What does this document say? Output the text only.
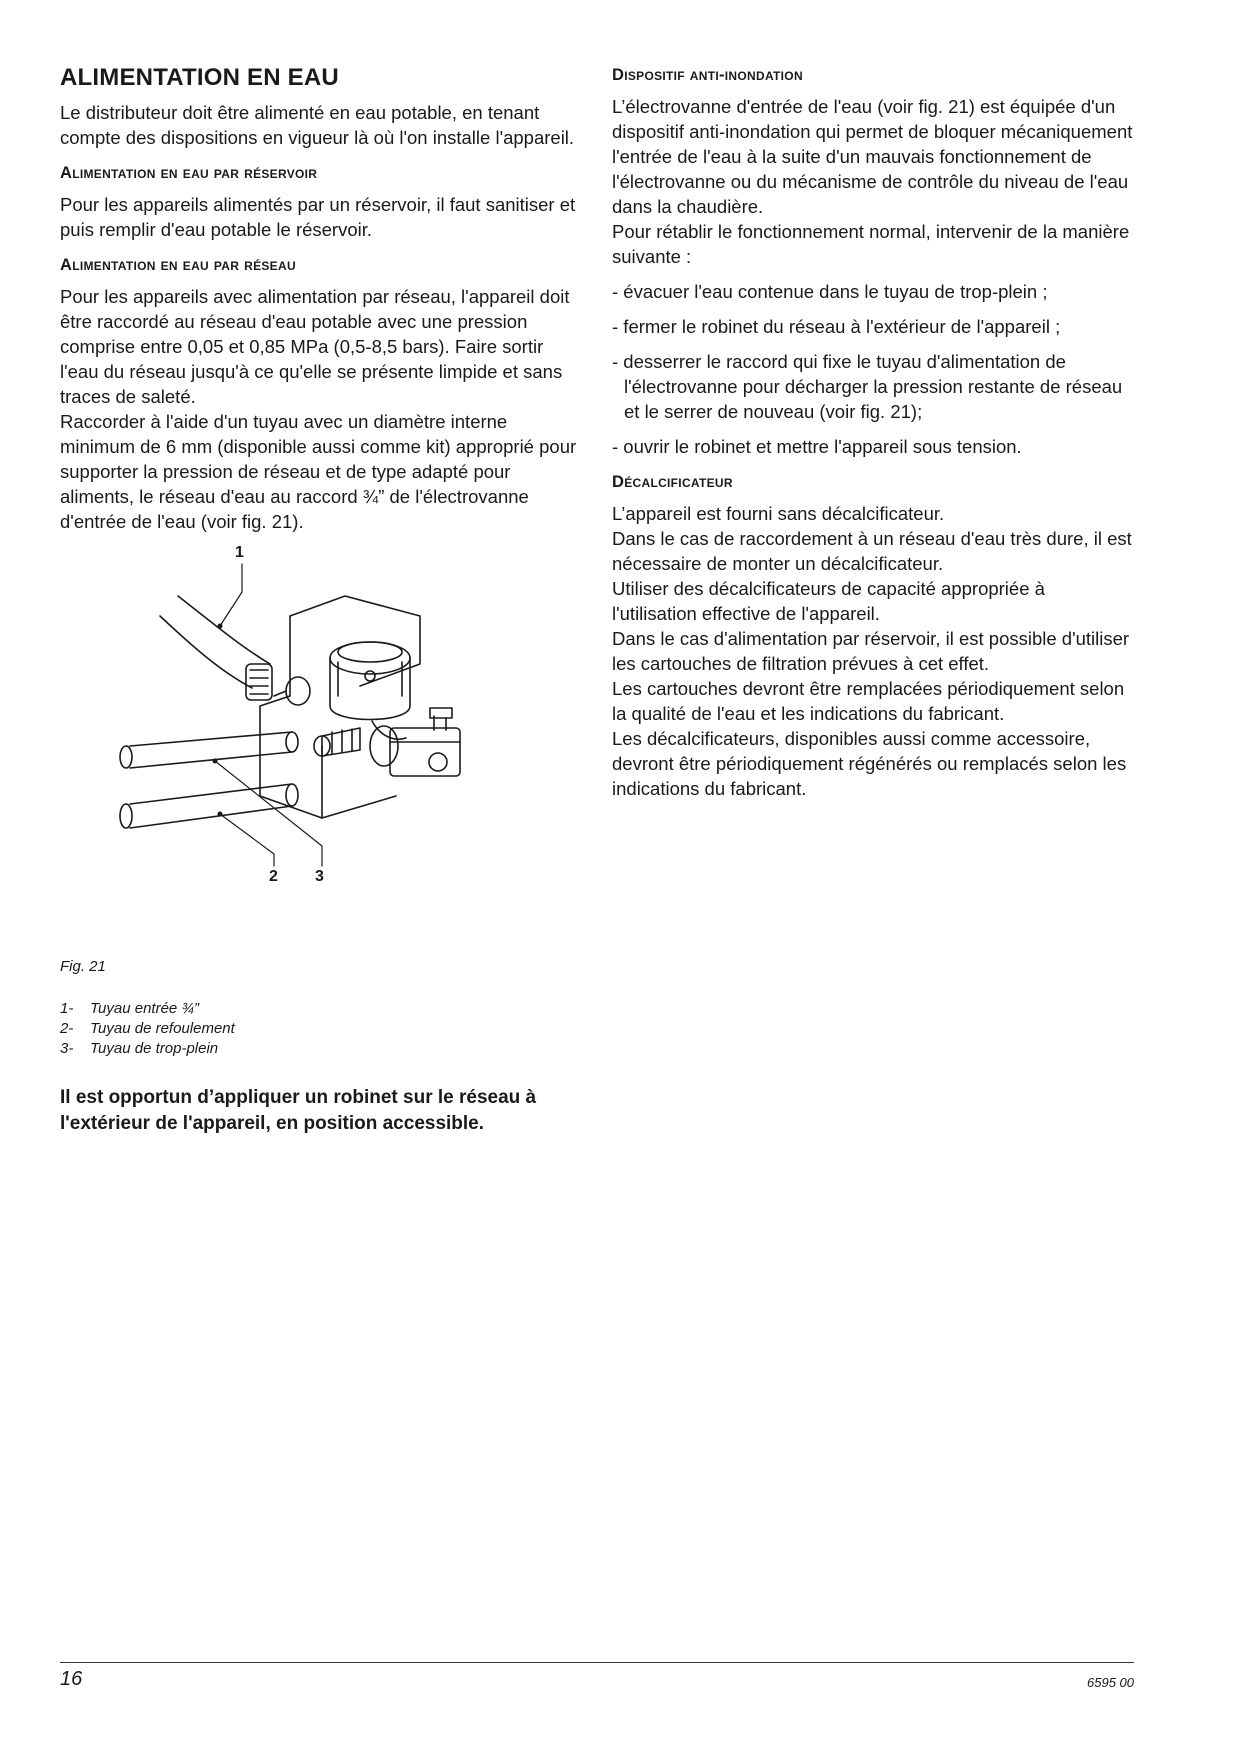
ALIMENTATION EN EAU

Le distributeur doit être alimenté en eau potable, en tenant compte des dispositions en vigueur là où l'on installe l'appareil.

Alimentation en eau par réservoir

Pour les appareils alimentés par un réservoir, il faut sanitiser et puis remplir d'eau potable le réservoir.

Alimentation en eau par réseau

Pour les appareils avec alimentation par réseau, l'appareil doit être raccordé au réseau d'eau potable avec une pression comprise entre 0,05 et 0,85 MPa (0,5-8,5 bars). Faire sortir l'eau du réseau jusqu'à ce qu'elle se présente limpide et sans traces de saleté.

Raccorder à l'aide d'un tuyau avec un diamètre interne minimum de 6 mm (disponible aussi comme kit) approprié pour supporter la pression de réseau et de type adapté pour aliments, le réseau d'eau au raccord ¾” de l'électrovanne d'entrée de l'eau (voir fig. 21).

1
2 3
Fig. 21
1- Tuyau entrée ¾”
2- Tuyau de refoulement
3- Tuyau de trop-plein
Il est opportun d’appliquer un robinet sur le réseau à l'extérieur de l'appareil, en position accessible.
Dispositif anti-inondation

L’électrovanne d'entrée de l'eau (voir fig. 21) est équipée d'un dispositif anti-inondation qui permet de bloquer mécaniquement l'entrée de l'eau à la suite d'un mauvais fonctionnement de l'électrovanne ou du mécanisme de contrôle du niveau de l'eau dans la chaudière.

Pour rétablir le fonctionnement normal, intervenir de la manière suivante :

- évacuer l'eau contenue dans le tuyau de trop-plein ;
- fermer le robinet du réseau à l'extérieur de l'appareil ;
- desserrer le raccord qui fixe le tuyau d'alimentation de l'électrovanne pour décharger la pression restante de réseau et le serrer de nouveau (voir fig. 21);
- ouvrir le robinet et mettre l'appareil sous tension.
Décalcificateur

L’appareil est fourni sans décalcificateur.

Dans le cas de raccordement à un réseau d'eau très dure, il est nécessaire de monter un décalcificateur.

Utiliser des décalcificateurs de capacité appropriée à l'utilisation effective de l'appareil.

Dans le cas d'alimentation par réservoir, il est possible d'utiliser les cartouches de filtration prévues à cet effet.

Les cartouches devront être remplacées périodiquement selon la qualité de l'eau et les indications du fabricant.

Les décalcificateurs, disponibles aussi comme accessoire, devront être périodiquement régénérés ou remplacés selon les indications du fabricant.

16	6595 00
